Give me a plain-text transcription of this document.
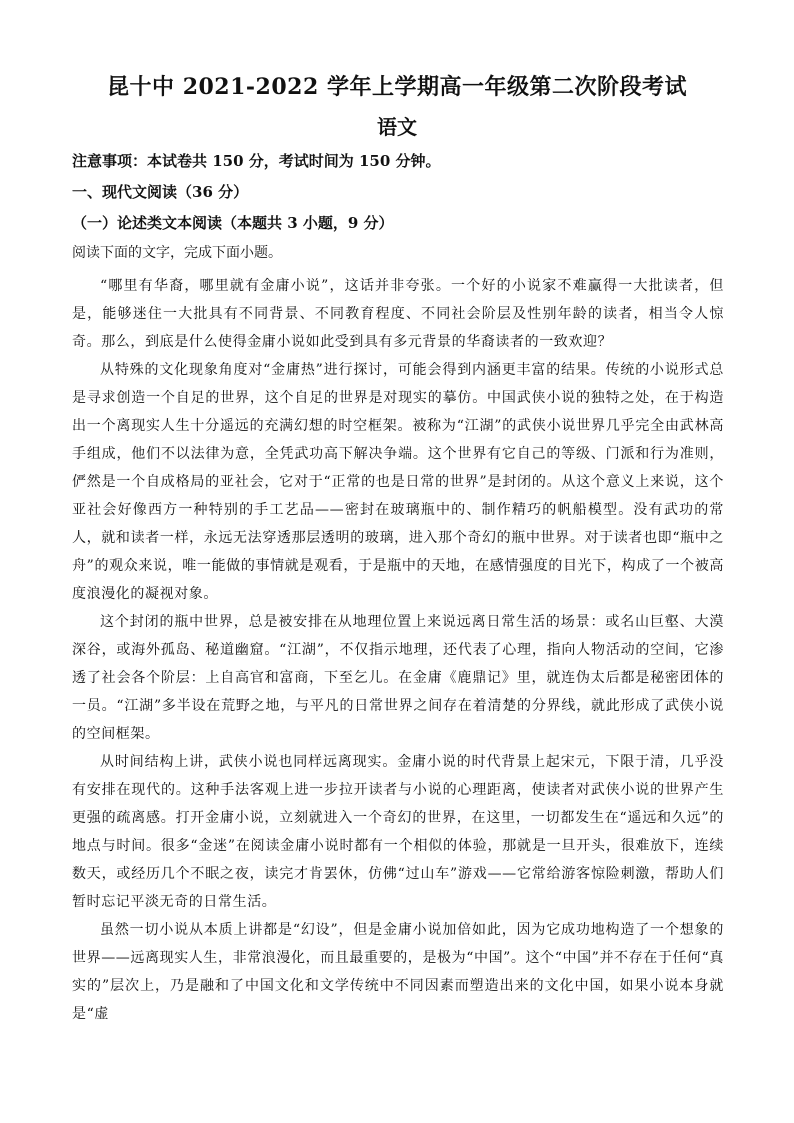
昆十中 2021-2022 学年上学期高一年级第二次阶段考试
语文
注意事项：本试卷共 150 分，考试时间为 150 分钟。
一、现代文阅读（36 分）
（一）论述类文本阅读（本题共 3 小题，9 分）
阅读下面的文字，完成下面小题。

“哪里有华裔，哪里就有金庸小说”，这话并非夸张。一个好的小说家不难赢得一大批读者，但是，能够迷住一大批具有不同背景、不同教育程度、不同社会阶层及性别年龄的读者，相当令人惊奇。那么，到底是什么使得金庸小说如此受到具有多元背景的华裔读者的一致欢迎？

从特殊的文化现象角度对“金庸热”进行探讨，可能会得到内涵更丰富的结果。传统的小说形式总是寻求创造一个自足的世界，这个自足的世界是对现实的摹仿。中国武侠小说的独特之处，在于构造出一个离现实人生十分遥远的充满幻想的时空框架。被称为“江湖”的武侠小说世界几乎完全由武林高手组成，他们不以法律为意，全凭武功高下解决争端。这个世界有它自己的等级、门派和行为准则，俨然是一个自成格局的亚社会，它对于“正常的也是日常的世界”是封闭的。从这个意义上来说，这个亚社会好像西方一种特别的手工艺品——密封在玻璃瓶中的、制作精巧的帆船模型。没有武功的常人，就和读者一样，永远无法穿透那层透明的玻璃，进入那个奇幻的瓶中世界。对于读者也即“瓶中之舟”的观众来说，唯一能做的事情就是观看，于是瓶中的天地，在感情强度的目光下，构成了一个被高度浪漫化的凝视对象。

这个封闭的瓶中世界，总是被安排在从地理位置上来说远离日常生活的场景：或名山巨壑、大漠深谷，或海外孤岛、秘道幽窟。“江湖”，不仅指示地理，还代表了心理，指向人物活动的空间，它渗透了社会各个阶层：上自高官和富商，下至乞儿。在金庸《鹿鼎记》里，就连伪太后都是秘密团体的一员。“江湖”多半设在荒野之地，与平凡的日常世界之间存在着清楚的分界线，就此形成了武侠小说的空间框架。

从时间结构上讲，武侠小说也同样远离现实。金庸小说的时代背景上起宋元，下限于清，几乎没有安排在现代的。这种手法客观上进一步拉开读者与小说的心理距离，使读者对武侠小说的世界产生更强的疏离感。打开金庸小说，立刻就进入一个奇幻的世界，在这里，一切都发生在“遥远和久远”的地点与时间。很多“金迷”在阅读金庸小说时都有一个相似的体验，那就是一旦开头，很难放下，连续数天，或经历几个不眠之夜，读完才肯罢休，仿佛“过山车”游戏——它常给游客惊险刺激，帮助人们暂时忘记平淡无奇的日常生活。

虽然一切小说从本质上讲都是“幻设”，但是金庸小说加倍如此，因为它成功地构造了一个想象的世界——远离现实人生，非常浪漫化，而且最重要的，是极为“中国”。这个“中国”并不存在于任何“真实的”层次上，乃是融和了中国文化和文学传统中不同因素而塑造出来的文化中国，如果小说本身就是“虚
